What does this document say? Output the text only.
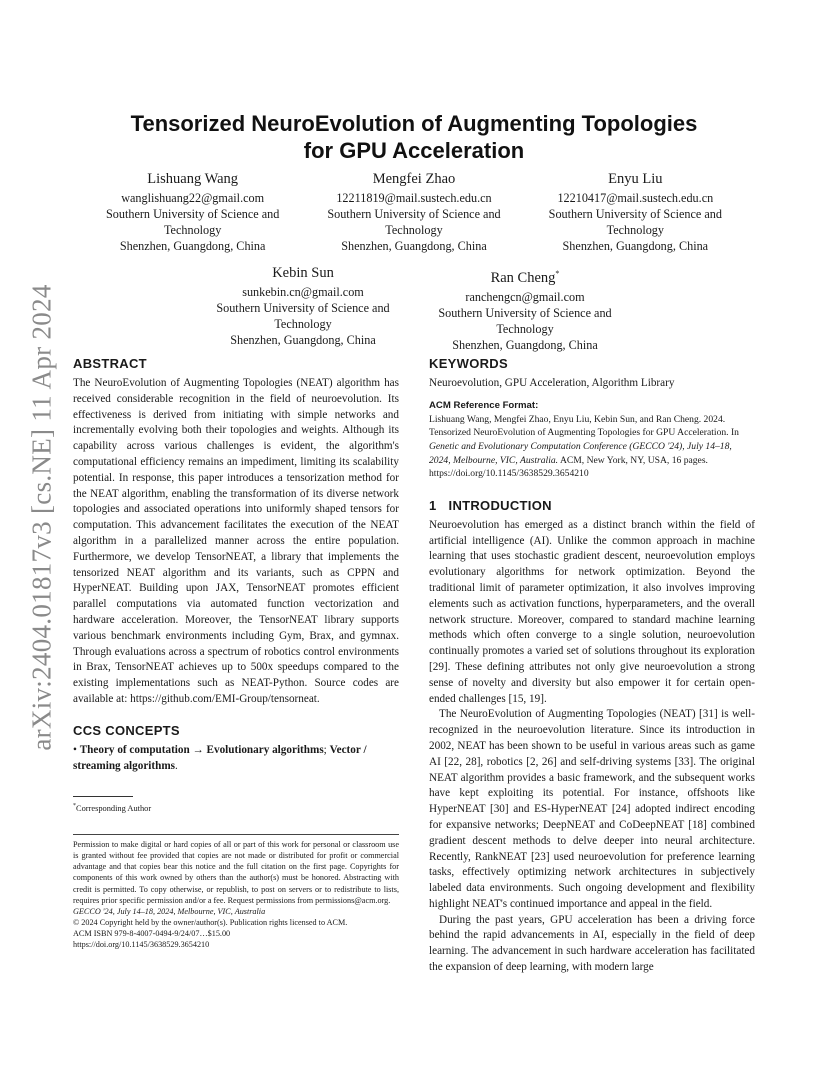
arXiv:2404.01817v3 [cs.NE] 11 Apr 2024
Tensorized NeuroEvolution of Augmenting Topologies
for GPU Acceleration
Lishuang Wang
wanglishuang22@gmail.com
Southern University of Science and
Technology
Shenzhen, Guangdong, China
Mengfei Zhao
12211819@mail.sustech.edu.cn
Southern University of Science and
Technology
Shenzhen, Guangdong, China
Enyu Liu
12210417@mail.sustech.edu.cn
Southern University of Science and
Technology
Shenzhen, Guangdong, China
Kebin Sun
sunkebin.cn@gmail.com
Southern University of Science and
Technology
Shenzhen, Guangdong, China
Ran Cheng*
ranchengcn@gmail.com
Southern University of Science and
Technology
Shenzhen, Guangdong, China
ABSTRACT

The NeuroEvolution of Augmenting Topologies (NEAT) algorithm has received considerable recognition in the field of neuroevolution. Its effectiveness is derived from initiating with simple networks and incrementally evolving both their topologies and weights. Although its capability across various challenges is evident, the algorithm's computational efficiency remains an impediment, limiting its scalability potential. In response, this paper introduces a tensorization method for the NEAT algorithm, enabling the transformation of its diverse network topologies and associated operations into uniformly shaped tensors for computation. This advancement facilitates the execution of the NEAT algorithm in a parallelized manner across the entire population. Furthermore, we develop TensorNEAT, a library that implements the tensorized NEAT algorithm and its variants, such as CPPN and HyperNEAT. Building upon JAX, TensorNEAT promotes efficient parallel computations via automated function vectorization and hardware acceleration. Moreover, the TensorNEAT library supports various benchmark environments including Gym, Brax, and gymnax. Through evaluations across a spectrum of robotics control environments in Brax, TensorNEAT achieves up to 500x speedups compared to the existing implementations such as NEAT-Python. Source codes are available at: https://github.com/EMI-Group/tensorneat.

CCS CONCEPTS

• Theory of computation → Evolutionary algorithms; Vector / streaming algorithms.

*Corresponding Author

Permission to make digital or hard copies of all or part of this work for personal or classroom use is granted without fee provided that copies are not made or distributed for profit or commercial advantage and that copies bear this notice and the full citation on the first page. Copyrights for components of this work owned by others than the author(s) must be honored. Abstracting with credit is permitted. To copy otherwise, or republish, to post on servers or to redistribute to lists, requires prior specific permission and/or a fee. Request permissions from permissions@acm.org.

GECCO '24, July 14–18, 2024, Melbourne, VIC, Australia

© 2024 Copyright held by the owner/author(s). Publication rights licensed to ACM.

ACM ISBN 979-8-4007-0494-9/24/07…$15.00

https://doi.org/10.1145/3638529.3654210

KEYWORDS

Neuroevolution, GPU Acceleration, Algorithm Library

ACM Reference Format:

Lishuang Wang, Mengfei Zhao, Enyu Liu, Kebin Sun, and Ran Cheng. 2024. Tensorized NeuroEvolution of Augmenting Topologies for GPU Acceleration. In Genetic and Evolutionary Computation Conference (GECCO '24), July 14–18, 2024, Melbourne, VIC, Australia. ACM, New York, NY, USA, 16 pages. https://doi.org/10.1145/3638529.3654210

1 INTRODUCTION

Neuroevolution has emerged as a distinct branch within the field of artificial intelligence (AI). Unlike the common approach in machine learning that uses stochastic gradient descent, neuroevolution employs evolutionary algorithms for network optimization. Beyond the traditional limit of parameter optimization, it also involves improving elements such as activation functions, hyperparameters, and the overall network structure. Moreover, compared to standard machine learning methods which often converge to a single solution, neuroevolution continually promotes a varied set of solutions throughout its exploration [29]. These defining attributes not only give neuroevolution a strong sense of novelty and diversity but also empower it for certain open-ended challenges [15, 19].

The NeuroEvolution of Augmenting Topologies (NEAT) [31] is well-recognized in the neuroevolution literature. Since its introduction in 2002, NEAT has been shown to be useful in various areas such as game AI [22, 28], robotics [2, 26] and self-driving systems [33]. The original NEAT algorithm provides a basic framework, and the subsequent works have kept exploiting its potential. For instance, offshoots like HyperNEAT [30] and ES-HyperNEAT [24] adopted indirect encoding for expansive networks; DeepNEAT and CoDeepNEAT [18] combined gradient descent methods to delve deeper into neural architecture. Recently, RankNEAT [23] used neuroevolution for preference learning tasks, effectively optimizing network architectures in subjectively labeled data environments. Such ongoing development and flexibility highlight NEAT's continued importance and appeal in the field.

During the past years, GPU acceleration has been a driving force behind the rapid advancements in AI, especially in the field of deep learning. The advancement in such hardware acceleration has facilitated the expansion of deep learning, with modern large
